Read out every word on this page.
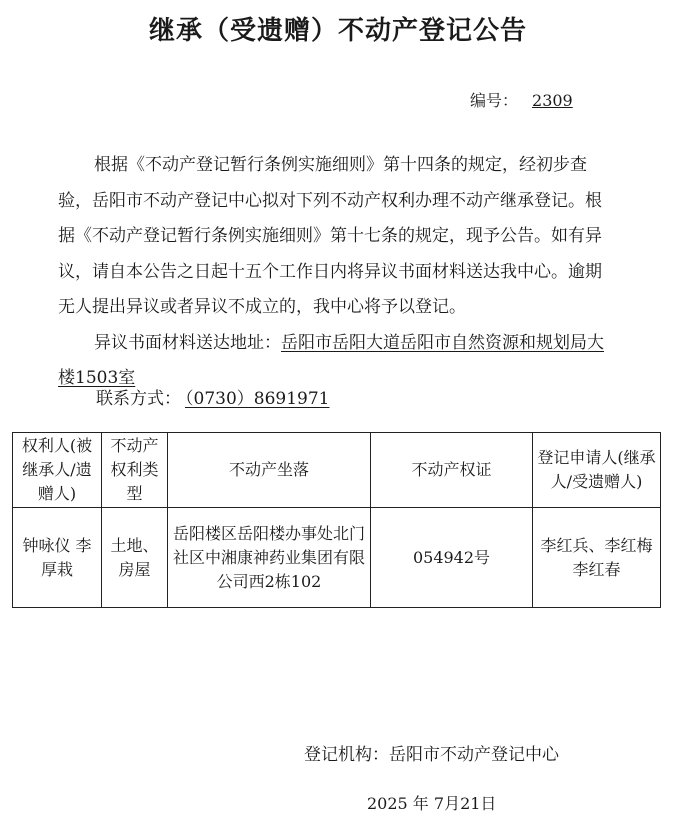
继承（受遗赠）不动产登记公告
编号： 2309

根据《不动产登记暂行条例实施细则》第十四条的规定，经初步查验，岳阳市不动产登记中心拟对下列不动产权利办理不动产继承登记。根据《不动产登记暂行条例实施细则》第十七条的规定，现予公告。如有异议，请自本公告之日起十五个工作日内将异议书面材料送达我中心。逾期无人提出异议或者异议不成立的，我中心将予以登记。

异议书面材料送达地址：岳阳市岳阳大道岳阳市自然资源和规划局大楼1503室

联系方式： （0730）8691971
权利人(被继承人/遗赠人)	不动产权利类型	不动产坐落	不动产权证	登记申请人(继承人/受遗赠人)
钟咏仪 李厚栽	土地、房屋	岳阳楼区岳阳楼办事处北门社区中湘康神药业集团有限公司西2栋102	054942号	李红兵、李红梅 李红春
登记机构：岳阳市不动产登记中心
2025 年 7月21日
